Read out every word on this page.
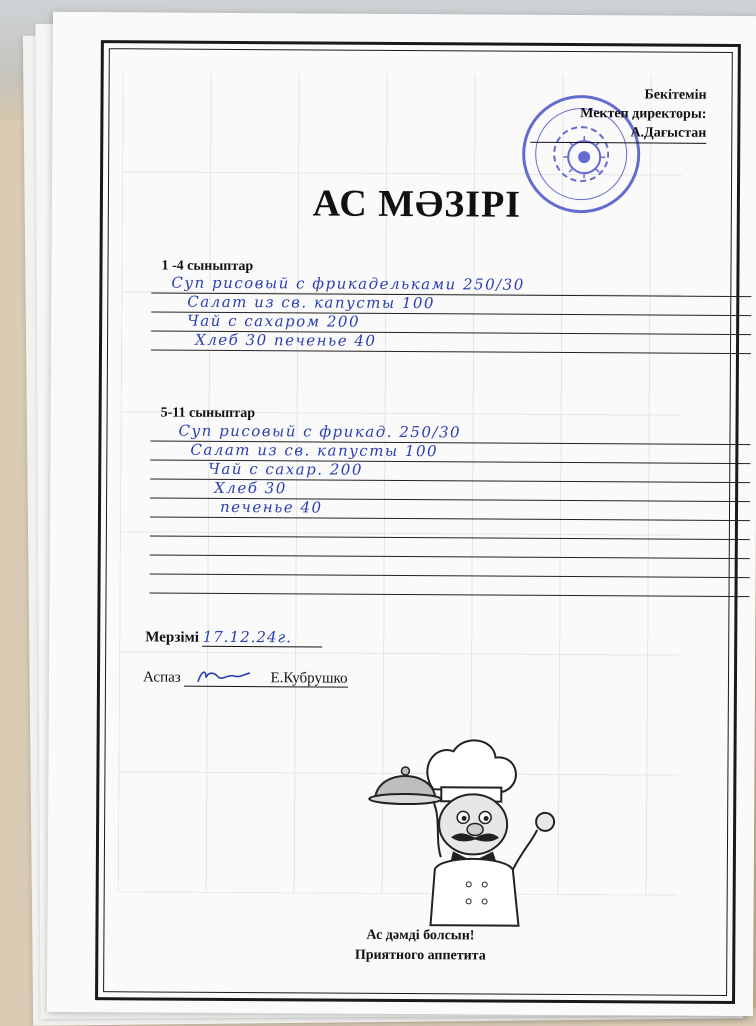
Бекітемін
Мектеп директоры:
А.Дағыстан
АС МӘЗІРІ
1 -4 сыныптар
Суп рисовый с фрикадельками 250/30
Салат из св. капусты 100
Чай с сахаром 200
Хлеб 30 печенье 40
5-11 сыныптар
Суп рисовый с фрикад. 250/30
Салат из св. капусты 100
Чай с сахар. 200
Хлеб 30
печенье 40
Мерзімі 17.12.24г.
Аспаз	Е.Кубрушко
Ас дәмді болсын!
Приятного аппетита
